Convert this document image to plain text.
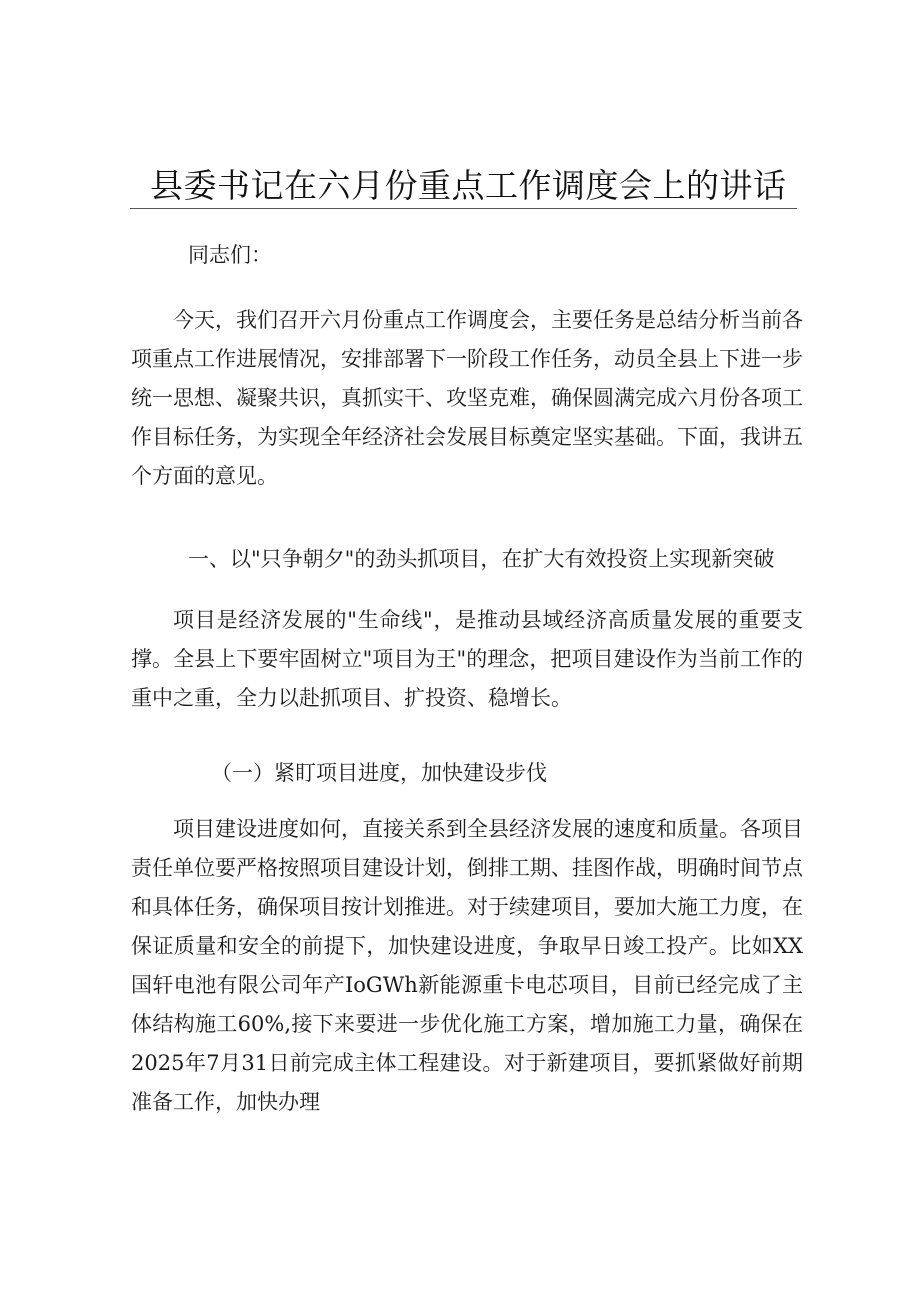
县委书记在六月份重点工作调度会上的讲话
同志们：
今天，我们召开六月份重点工作调度会，主要任务是总结分析当前各项重点工作进展情况，安排部署下一阶段工作任务，动员全县上下进一步统一思想、凝聚共识，真抓实干、攻坚克难，确保圆满完成六月份各项工作目标任务，为实现全年经济社会发展目标奠定坚实基础。下面，我讲五个方面的意见。
一、以"只争朝夕"的劲头抓项目，在扩大有效投资上实现新突破
项目是经济发展的"生命线"，是推动县域经济高质量发展的重要支撑。全县上下要牢固树立"项目为王"的理念，把项目建设作为当前工作的重中之重，全力以赴抓项目、扩投资、稳增长。
（一）紧盯项目进度，加快建设步伐
项目建设进度如何，直接关系到全县经济发展的速度和质量。各项目责任单位要严格按照项目建设计划，倒排工期、挂图作战，明确时间节点和具体任务，确保项目按计划推进。对于续建项目，要加大施工力度，在保证质量和安全的前提下，加快建设进度，争取早日竣工投产。比如XX国轩电池有限公司年产IoGWh新能源重卡电芯项目，目前已经完成了主体结构施工60%,接下来要进一步优化施工方案，增加施工力量，确保在2025年7月31日前完成主体工程建设。对于新建项目，要抓紧做好前期准备工作，加快办理
